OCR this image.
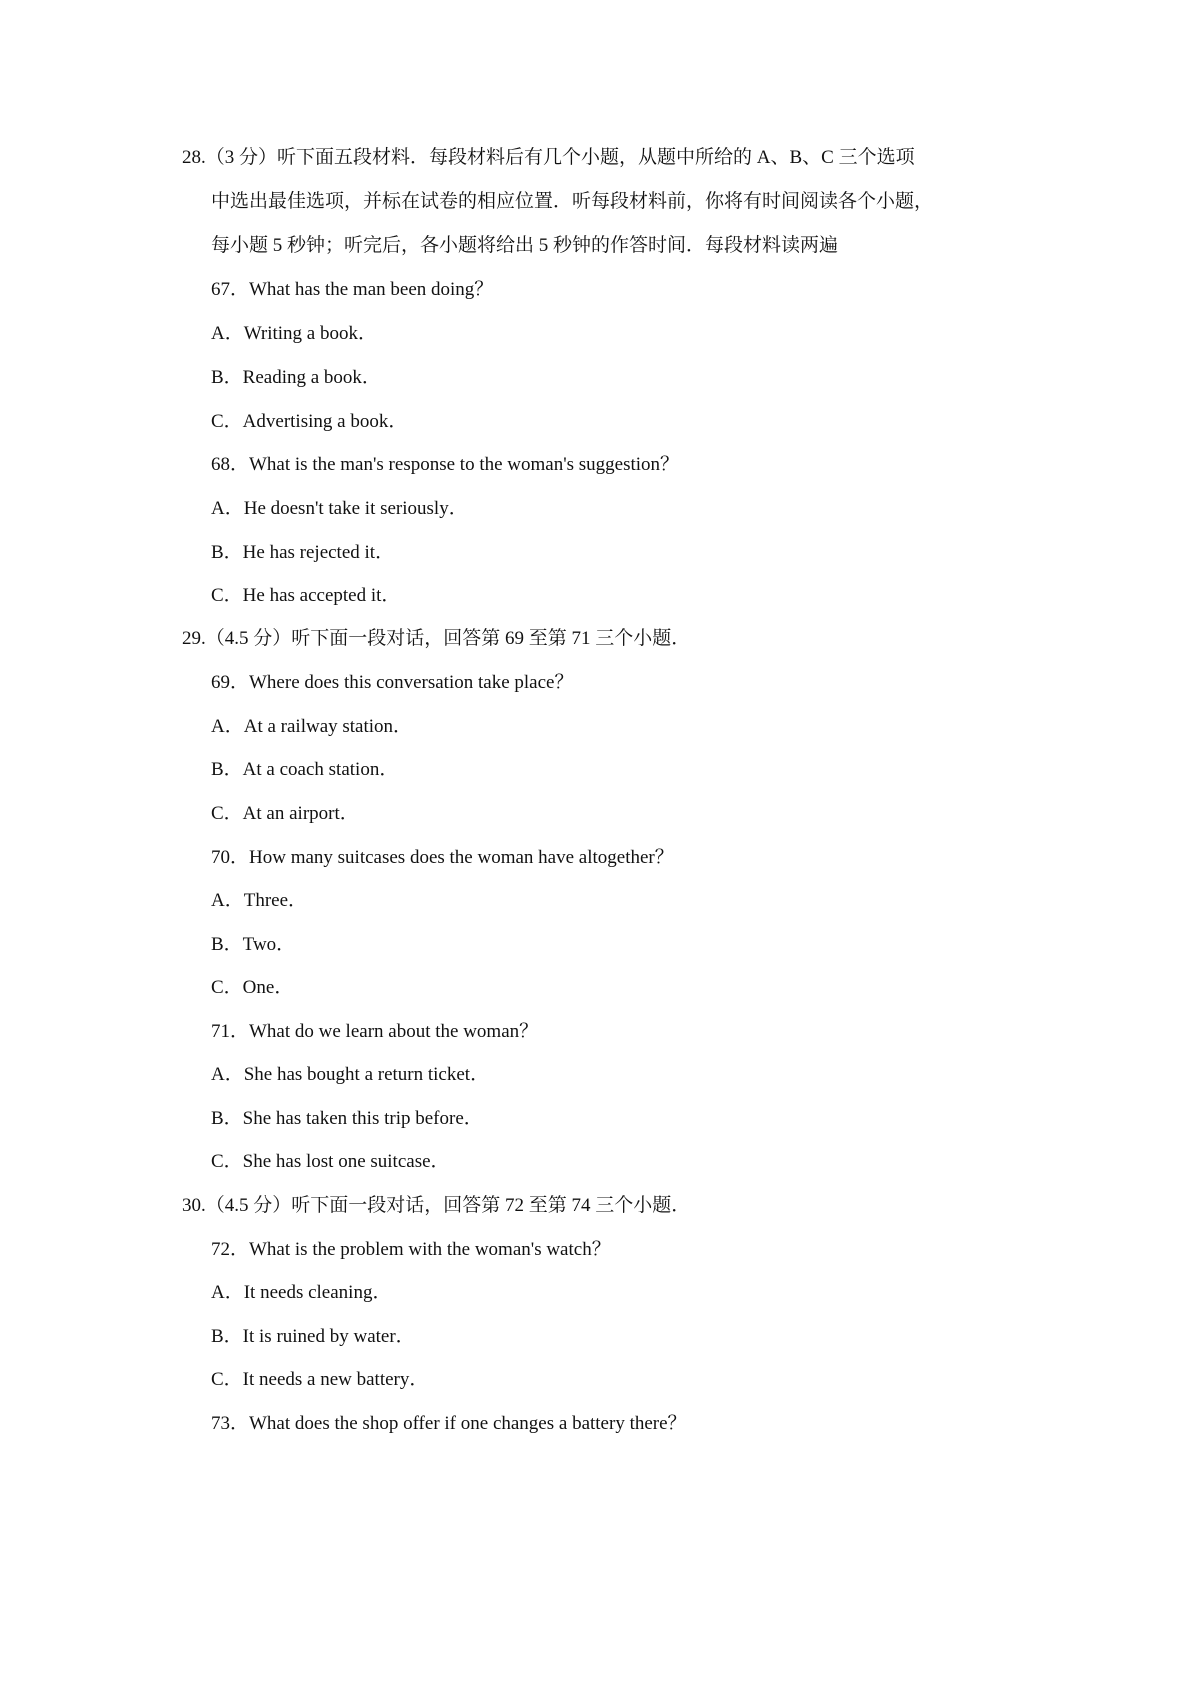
28.（3 分）听下面五段材料．每段材料后有几个小题，从题中所给的 A、B、C 三个选项
中选出最佳选项，并标在试卷的相应位置．听每段材料前，你将有时间阅读各个小题，
每小题 5 秒钟；听完后，各小题将给出 5 秒钟的作答时间．每段材料读两遍
67．What has the man been doing？
A．Writing a book．
B．Reading a book．
C．Advertising a book．
68．What is the man's response to the woman's suggestion？
A．He doesn't take it seriously．
B．He has rejected it．
C．He has accepted it．
29.（4.5 分）听下面一段对话，回答第 69 至第 71 三个小题．
69．Where does this conversation take place？
A．At a railway station．
B．At a coach station．
C．At an airport．
70．How many suitcases does the woman have altogether？
A．Three．
B．Two．
C．One．
71．What do we learn about the woman？
A．She has bought a return ticket．
B．She has taken this trip before．
C．She has lost one suitcase．
30.（4.5 分）听下面一段对话，回答第 72 至第 74 三个小题．
72．What is the problem with the woman's watch？
A．It needs cleaning．
B．It is ruined by water．
C．It needs a new battery．
73．What does the shop offer if one changes a battery there？
